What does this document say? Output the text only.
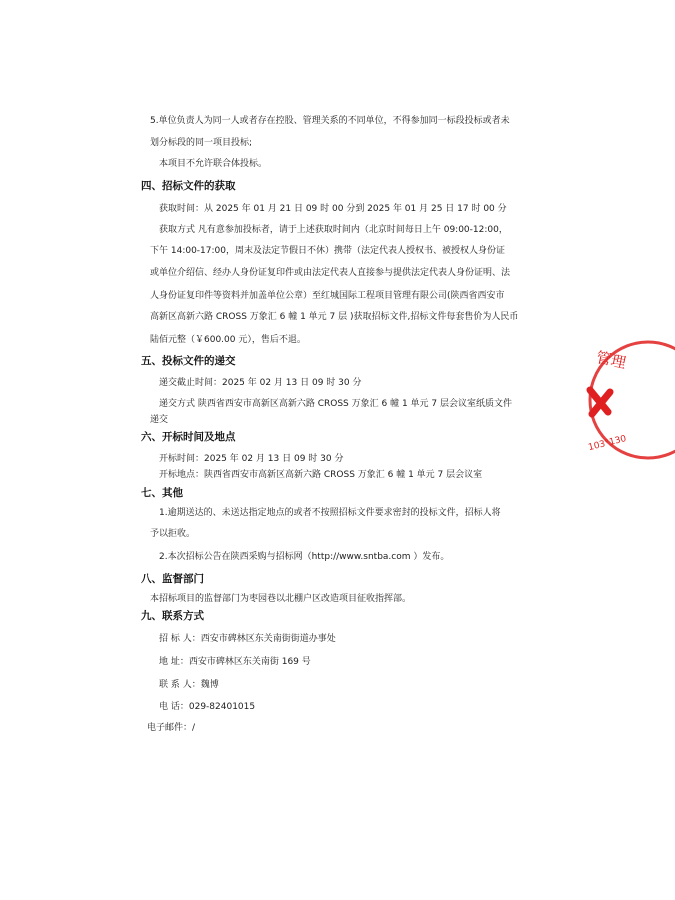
5.单位负责人为同一人或者存在控股、管理关系的不同单位，不得参加同一标段投标或者未
划分标段的同一项目投标;
本项目不允许联合体投标。
四、招标文件的获取
获取时间：从 2025 年 01 月 21 日 09 时 00 分到 2025 年 01 月 25 日 17 时 00 分
获取方式 凡有意参加投标者，请于上述获取时间内（北京时间每日上午 09:00-12:00，
下午 14:00-17:00，周末及法定节假日不休）携带（法定代表人授权书、被授权人身份证
或单位介绍信、经办人身份证复印件或由法定代表人直接参与提供法定代表人身份证明、法
人身份证复印件等资料并加盖单位公章）至红城国际工程项目管理有限公司(陕西省西安市
高新区高新六路 CROSS 万象汇 6 幢 1 单元 7 层 )获取招标文件,招标文件每套售价为人民币
陆佰元整（￥600.00 元），售后不退。
五、投标文件的递交
递交截止时间：2025 年 02 月 13 日 09 时 30 分
递交方式 陕西省西安市高新区高新六路 CROSS 万象汇 6 幢 1 单元 7 层会议室纸质文件
递交
六、开标时间及地点
开标时间：2025 年 02 月 13 日 09 时 30 分
开标地点：陕西省西安市高新区高新六路 CROSS 万象汇 6 幢 1 单元 7 层会议室
七、其他
1.逾期送达的、未送达指定地点的或者不按照招标文件要求密封的投标文件，招标人将
予以拒收。
2.本次招标公告在陕西采购与招标网（http://www.sntba.com ）发布。
八、监督部门
本招标项目的监督部门为枣园巷以北棚户区改造项目征收指挥部。
九、联系方式
招 标 人：西安市碑林区东关南街街道办事处
地 址：西安市碑林区东关南街 169 号
联 系 人：魏博
电 话：029-82401015
电子邮件：/
管理
103°130
